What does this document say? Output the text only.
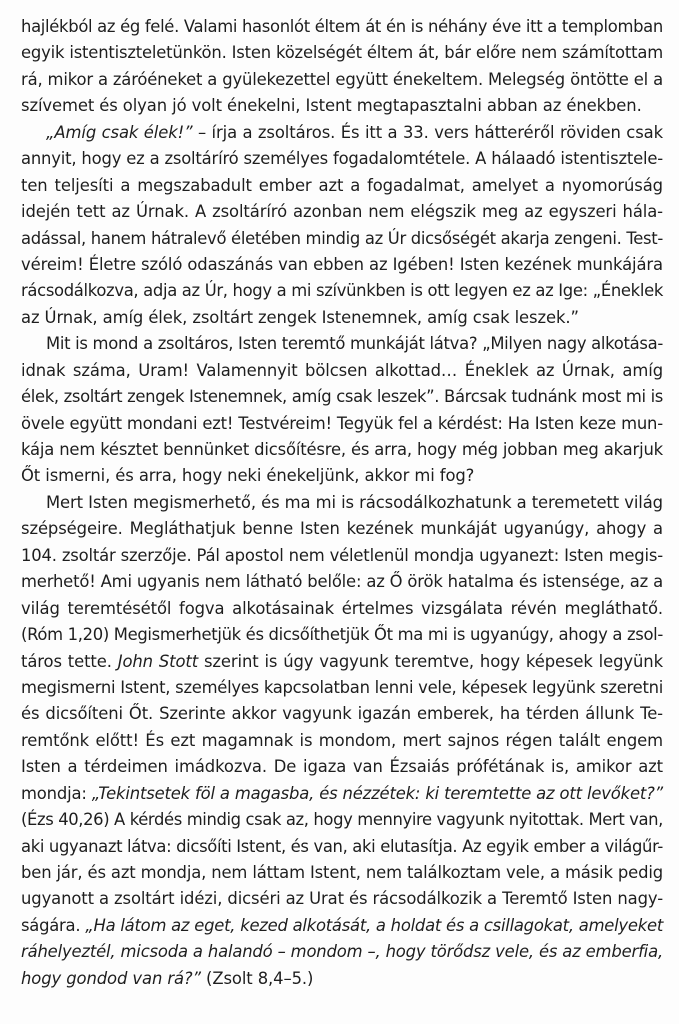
hajlékból az ég felé. Valami hasonlót éltem át én is néhány éve itt a templomban
egyik istentiszteletünkön. Isten közelségét éltem át, bár előre nem számítottam
rá, mikor a záróéneket a gyülekezettel együtt énekeltem. Melegség öntötte el a
szívemet és olyan jó volt énekelni, Istent megtapasztalni abban az énekben.
„Amíg csak élek!” – írja a zsoltáros. És itt a 33. vers hátteréről röviden csak
annyit, hogy ez a zsoltáríró személyes fogadalomtétele. A hálaadó istentisztele-
ten teljesíti a megszabadult ember azt a fogadalmat, amelyet a nyomorúság
idején tett az Úrnak. A zsoltáríró azonban nem elégszik meg az egyszeri hála-
adással, hanem hátralevő életében mindig az Úr dicsőségét akarja zengeni. Test-
véreim! Életre szóló odaszánás van ebben az Igében! Isten kezének munkájára
rácsodálkozva, adja az Úr, hogy a mi szívünkben is ott legyen ez az Ige: „Éneklek
az Úrnak, amíg élek, zsoltárt zengek Istenemnek, amíg csak leszek.”
Mit is mond a zsoltáros, Isten teremtő munkáját látva? „Milyen nagy alkotása-
idnak száma, Uram! Valamennyit bölcsen alkottad… Éneklek az Úrnak, amíg
élek, zsoltárt zengek Istenemnek, amíg csak leszek”. Bárcsak tudnánk most mi is
övele együtt mondani ezt! Testvéreim! Tegyük fel a kérdést: Ha Isten keze mun-
kája nem késztet bennünket dicsőítésre, és arra, hogy még jobban meg akarjuk
Őt ismerni, és arra, hogy neki énekeljünk, akkor mi fog?
Mert Isten megismerhető, és ma mi is rácsodálkozhatunk a teremetett világ
szépségeire. Megláthatjuk benne Isten kezének munkáját ugyanúgy, ahogy a
104. zsoltár szerzője. Pál apostol nem véletlenül mondja ugyanezt: Isten megis-
merhető! Ami ugyanis nem látható belőle: az Ő örök hatalma és istensége, az a
világ teremtésétől fogva alkotásainak értelmes vizsgálata révén megláthatő.
(Róm 1,20) Megismerhetjük és dicsőíthetjük Őt ma mi is ugyanúgy, ahogy a zsol-
táros tette. John Stott szerint is úgy vagyunk teremtve, hogy képesek legyünk
megismerni Istent, személyes kapcsolatban lenni vele, képesek legyünk szeretni
és dicsőíteni Őt. Szerinte akkor vagyunk igazán emberek, ha térden állunk Te-
remtőnk előtt! És ezt magamnak is mondom, mert sajnos régen talált engem
Isten a térdeimen imádkozva. De igaza van Ézsaiás prófétának is, amikor azt
mondja: „Tekintsetek föl a magasba, és nézzétek: ki teremtette az ott levőket?”
(Ézs 40,26) A kérdés mindig csak az, hogy mennyire vagyunk nyitottak. Mert van,
aki ugyanazt látva: dicsőíti Istent, és van, aki elutasítja. Az egyik ember a világűr-
ben jár, és azt mondja, nem láttam Istent, nem találkoztam vele, a másik pedig
ugyanott a zsoltárt idézi, dicséri az Urat és rácsodálkozik a Teremtő Isten nagy-
ságára. „Ha látom az eget, kezed alkotását, a holdat és a csillagokat, amelyeket
ráhelyeztél, micsoda a halandó – mondom –, hogy törődsz vele, és az emberfia,
hogy gondod van rá?” (Zsolt 8,4–5.)
